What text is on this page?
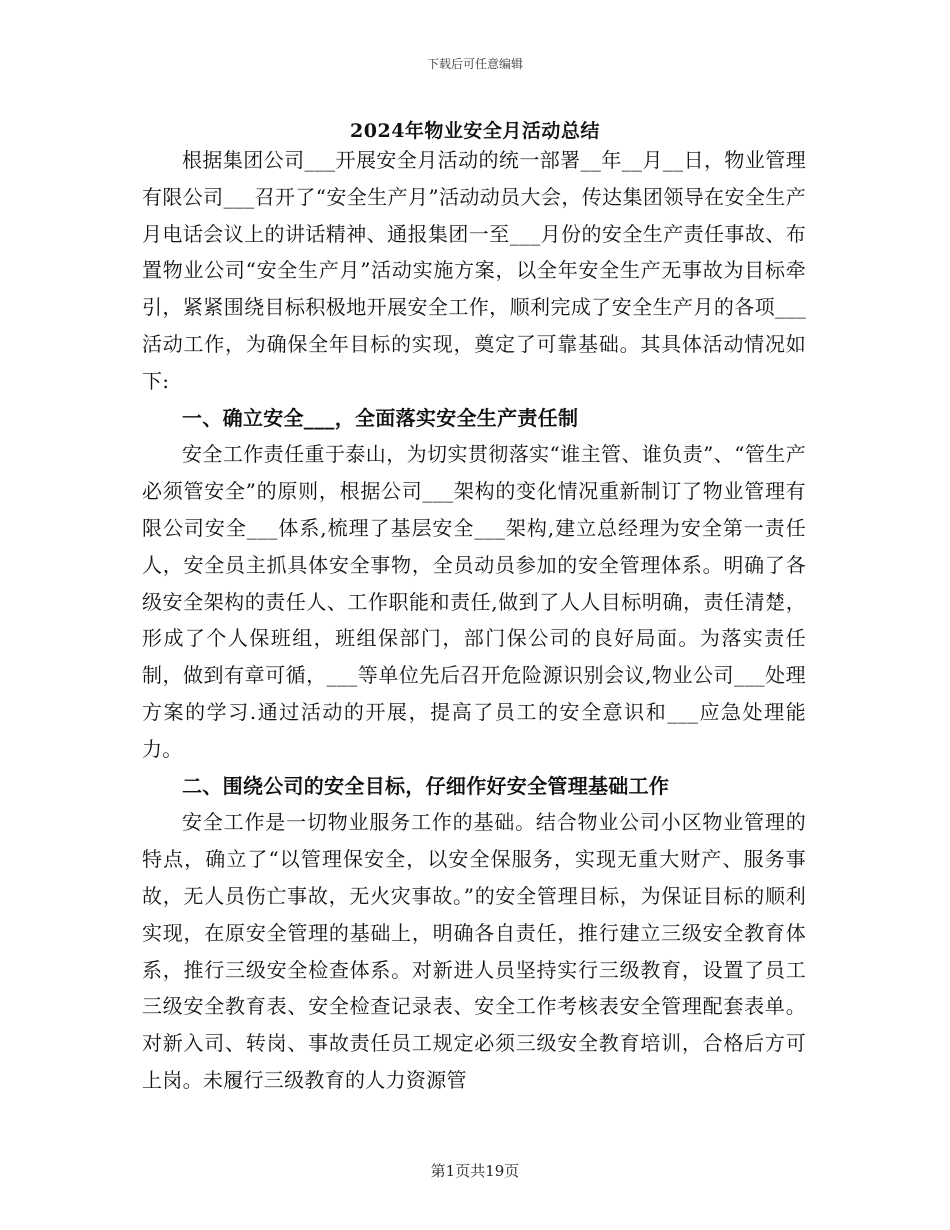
下载后可任意编辑
2024年物业安全月活动总结

根据集团公司___开展安全月活动的统一部署__年__月__日，物业管理有限公司___召开了“安全生产月”活动动员大会，传达集团领导在安全生产月电话会议上的讲话精神、通报集团一至___月份的安全生产责任事故、布置物业公司“安全生产月”活动实施方案，以全年安全生产无事故为目标牵引，紧紧围绕目标积极地开展安全工作，顺利完成了安全生产月的各项___活动工作，为确保全年目标的实现，奠定了可靠基础。其具体活动情况如下:

一、确立安全___，全面落实安全生产责任制

安全工作责任重于泰山，为切实贯彻落实“谁主管、谁负责”、“管生产必须管安全”的原则，根据公司___架构的变化情况重新制订了物业管理有限公司安全___体系,梳理了基层安全___架构,建立总经理为安全第一责任人，安全员主抓具体安全事物，全员动员参加的安全管理体系。明确了各级安全架构的责任人、工作职能和责任,做到了人人目标明确，责任清楚，形成了个人保班组，班组保部门，部门保公司的良好局面。为落实责任制，做到有章可循，___等单位先后召开危险源识别会议,物业公司___处理方案的学习.通过活动的开展，提高了员工的安全意识和___应急处理能力。

二、围绕公司的安全目标，仔细作好安全管理基础工作

安全工作是一切物业服务工作的基础。结合物业公司小区物业管理的特点，确立了“以管理保安全，以安全保服务，实现无重大财产、服务事故，无人员伤亡事故，无火灾事故。”的安全管理目标，为保证目标的顺利实现，在原安全管理的基础上，明确各自责任，推行建立三级安全教育体系，推行三级安全检查体系。对新进人员坚持实行三级教育，设置了员工三级安全教育表、安全检查记录表、安全工作考核表安全管理配套表单。对新入司、转岗、事故责任员工规定必须三级安全教育培训，合格后方可上岗。未履行三级教育的人力资源管

第1页共19页
